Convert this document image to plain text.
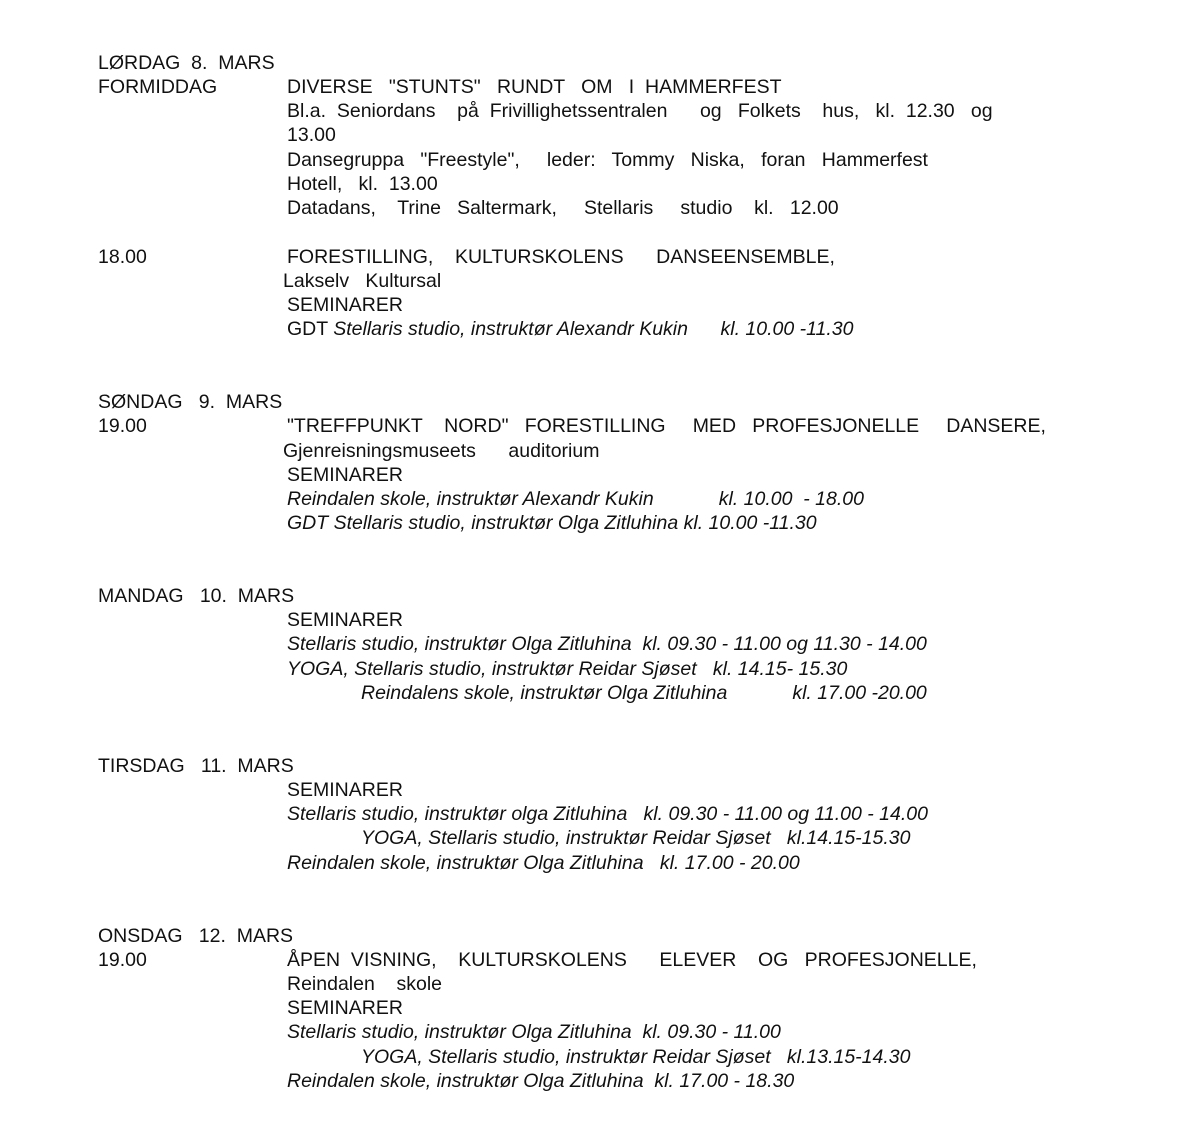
LØRDAG  8.  MARS
FORMIDDAG	DIVERSE   "STUNTS"   RUNDT   OM   I  HAMMERFEST
Bl.a.  Seniordans    på  Frivillighetssentralen      og   Folkets    hus,   kl.  12.30   og
13.00
Dansegruppa   "Freestyle",     leder:   Tommy   Niska,   foran   Hammerfest
Hotell,   kl.  13.00
Datadans,    Trine   Saltermark,     Stellaris     studio    kl.   12.00
18.00	FORESTILLING,    KULTURSKOLENS      DANSEENSEMBLE,
Lakselv   Kultursal
SEMINARER
GDT Stellaris studio, instruktør Alexandr Kukin      kl. 10.00 -11.30
SØNDAG   9.  MARS
19.00	"TREFFPUNKT    NORD"   FORESTILLING     MED   PROFESJONELLE     DANSERE,
Gjenreisningsmuseets      auditorium
SEMINARER
Reindalen skole, instruktør Alexandr Kukin            kl. 10.00  - 18.00
GDT Stellaris studio, instruktør Olga Zitluhina kl. 10.00 -11.30
MANDAG   10.  MARS
SEMINARER
Stellaris studio, instruktør Olga Zitluhina  kl. 09.30 - 11.00 og 11.30 - 14.00
YOGA, Stellaris studio, instruktør Reidar Sjøset   kl. 14.15- 15.30
Reindalens skole, instruktør Olga Zitluhina            kl. 17.00 -20.00
TIRSDAG   11.  MARS
SEMINARER
Stellaris studio, instruktør olga Zitluhina   kl. 09.30 - 11.00 og 11.00 - 14.00
YOGA, Stellaris studio, instruktør Reidar Sjøset   kl.14.15-15.30
Reindalen skole, instruktør Olga Zitluhina   kl. 17.00 - 20.00
ONSDAG   12.  MARS
19.00	ÅPEN  VISNING,    KULTURSKOLENS      ELEVER    OG   PROFESJONELLE,
Reindalen    skole
SEMINARER
Stellaris studio, instruktør Olga Zitluhina  kl. 09.30 - 11.00
YOGA, Stellaris studio, instruktør Reidar Sjøset   kl.13.15-14.30
Reindalen skole, instruktør Olga Zitluhina  kl. 17.00 - 18.30
